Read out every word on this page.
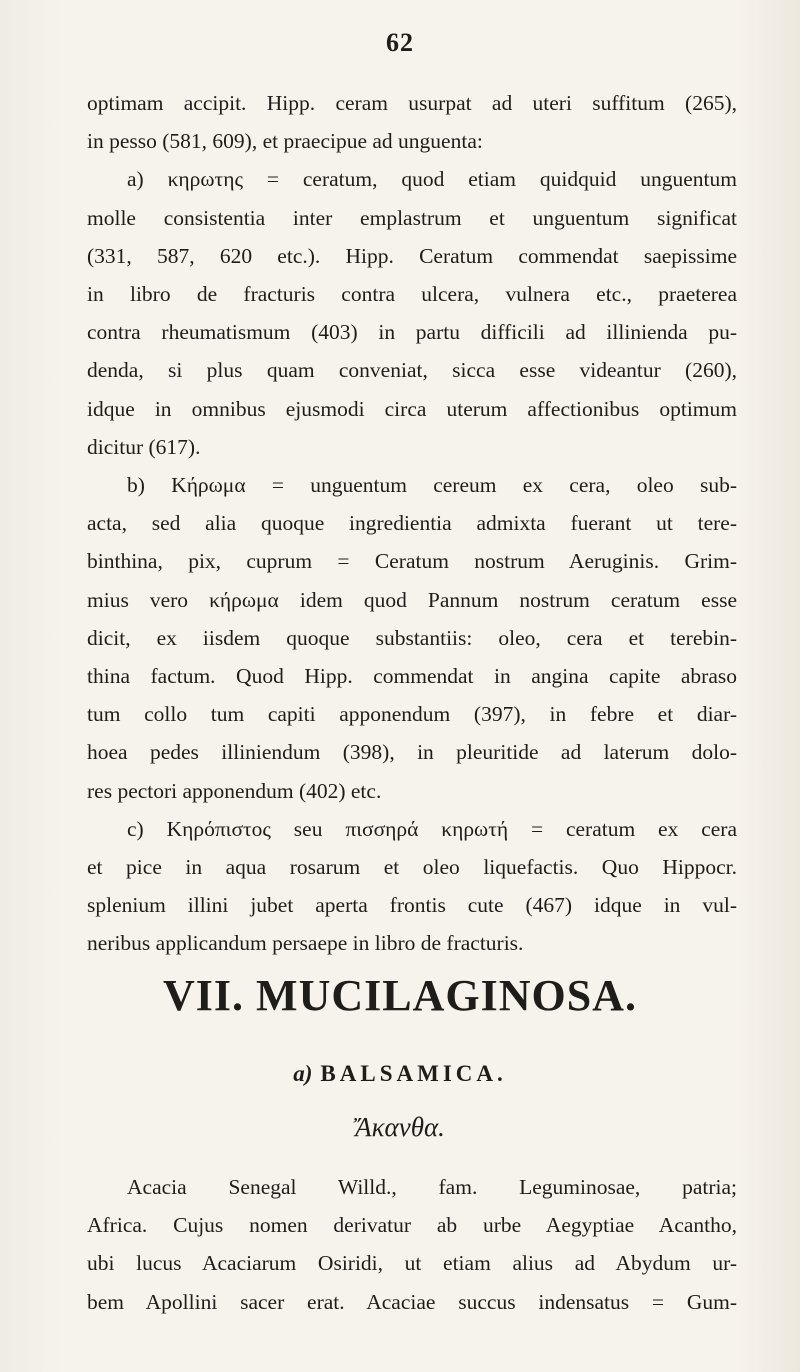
62
optimam accipit. Hipp. ceram usurpat ad uteri suffitum (265),
in pesso (581, 609), et praecipue ad unguenta:
a) κηρωτης = ceratum, quod etiam quidquid unguentum
molle consistentia inter emplastrum et unguentum significat
(331, 587, 620 etc.). Hipp. Ceratum commendat saepissime
in libro de fracturis contra ulcera, vulnera etc., praeterea
contra rheumatismum (403) in partu difficili ad illinienda pu-
denda, si plus quam conveniat, sicca esse videantur (260),
idque in omnibus ejusmodi circa uterum affectionibus optimum
dicitur (617).
b) Κήρωμα = unguentum cereum ex cera, oleo sub-
acta, sed alia quoque ingredientia admixta fuerant ut tere-
binthina, pix, cuprum = Ceratum nostrum Aeruginis. Grim-
mius vero κήρωμα idem quod Pannum nostrum ceratum esse
dicit, ex iisdem quoque substantiis: oleo, cera et terebin-
thina factum. Quod Hipp. commendat in angina capite abraso
tum collo tum capiti apponendum (397), in febre et diar-
hoea pedes illiniendum (398), in pleuritide ad laterum dolo-
res pectori apponendum (402) etc.
c) Κηρόπιστος seu πισσηρά κηρωτή = ceratum ex cera
et pice in aqua rosarum et oleo liquefactis. Quo Hippocr.
splenium illini jubet aperta frontis cute (467) idque in vul-
neribus applicandum persaepe in libro de fracturis.
VII. MUCILAGINOSA.
a) BALSAMICA.
Ἄκανθα.
Acacia Senegal Willd., fam. Leguminosae, patria;
Africa. Cujus nomen derivatur ab urbe Aegyptiae Acantho,
ubi lucus Acaciarum Osiridi, ut etiam alius ad Abydum ur-
bem Apollini sacer erat. Acaciae succus indensatus = Gum-
